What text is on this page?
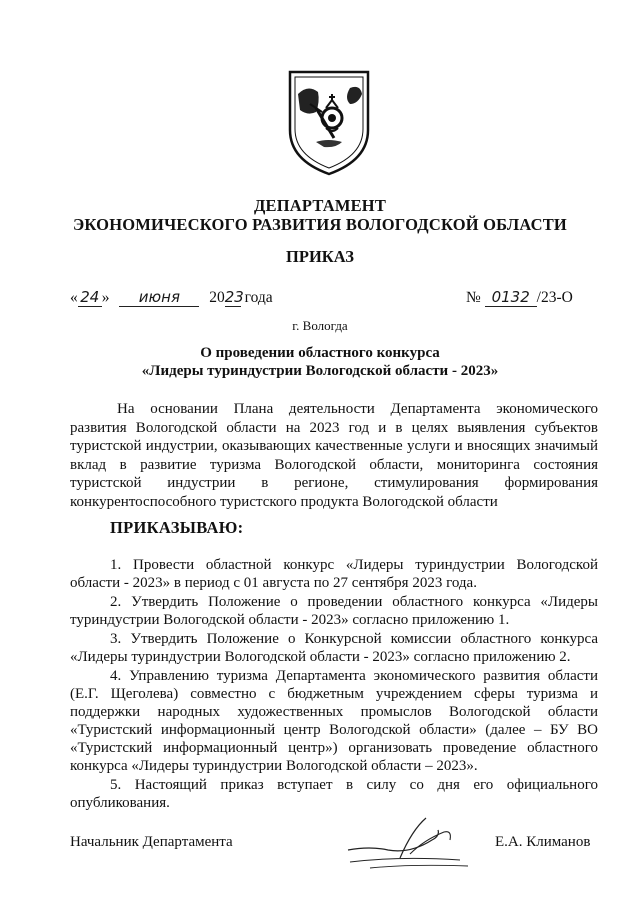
ДЕПАРТАМЕНТ
ЭКОНОМИЧЕСКОГО РАЗВИТИЯ ВОЛОГОДСКОЙ ОБЛАСТИ
ПРИКАЗ
« 24 » июня 2023 года	№ 0132 /23-О
г. Вологда
О проведении областного конкурса
«Лидеры туриндустрии Вологодской области - 2023»
На основании Плана деятельности Департамента экономического развития Вологодской области на 2023 год и в целях выявления субъектов туристской индустрии, оказывающих качественные услуги и вносящих значимый вклад в развитие туризма Вологодской области, мониторинга состояния туристской индустрии в регионе, стимулирования формирования конкурентоспособного туристского продукта Вологодской области
ПРИКАЗЫВАЮ:

1. Провести областной конкурс «Лидеры туриндустрии Вологодской области - 2023» в период с 01 августа по 27 сентября 2023 года.

2. Утвердить Положение о проведении областного конкурса «Лидеры туриндустрии Вологодской области - 2023» согласно приложению 1.

3. Утвердить Положение о Конкурсной комиссии областного конкурса «Лидеры туриндустрии Вологодской области - 2023» согласно приложению 2.

4. Управлению туризма Департамента экономического развития области (Е.Г. Щеголева) совместно с бюджетным учреждением сферы туризма и поддержки народных художественных промыслов Вологодской области «Туристский информационный центр Вологодской области» (далее – БУ ВО «Туристский информационный центр») организовать проведение областного конкурса «Лидеры туриндустрии Вологодской области – 2023».

5. Настоящий приказ вступает в силу со дня его официального опубликования.

Начальник Департамента	Е.А. Климанов
